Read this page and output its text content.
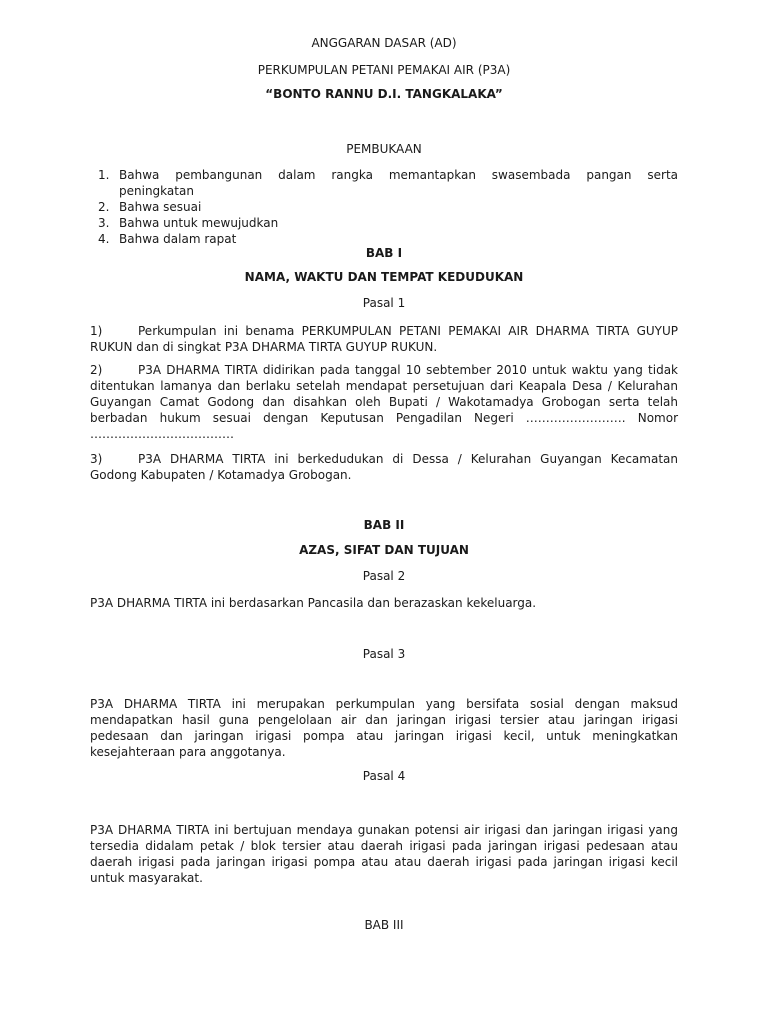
ANGGARAN DASAR (AD)
PERKUMPULAN PETANI PEMAKAI AIR (P3A)
“BONTO RANNU D.I. TANGKALAKA”
PEMBUKAAN
1. Bahwa pembangunan dalam rangka memantapkan swasembada pangan serta
peningkatan
2. Bahwa sesuai
3. Bahwa untuk mewujudkan
4. Bahwa dalam rapat
BAB I
NAMA, WAKTU DAN TEMPAT KEDUDUKAN
Pasal 1
1)	Perkumpulan ini benama PERKUMPULAN PETANI PEMAKAI AIR DHARMA TIRTA GUYUP
RUKUN dan di singkat P3A DHARMA TIRTA GUYUP RUKUN.
2)	P3A DHARMA TIRTA didirikan pada tanggal 10 sebtember 2010 untuk waktu yang tidak
ditentukan lamanya dan berlaku setelah mendapat persetujuan dari Keapala Desa / Kelurahan
Guyangan Camat Godong dan disahkan oleh Bupati / Wakotamadya Grobogan serta telah
berbadan hukum sesuai dengan Keputusan Pengadilan Negeri ……………………. Nomor
………………………………
3)	P3A DHARMA TIRTA ini berkedudukan di Dessa / Kelurahan Guyangan Kecamatan
Godong Kabupaten / Kotamadya Grobogan.
BAB II
AZAS, SIFAT DAN TUJUAN
Pasal 2
P3A DHARMA TIRTA ini berdasarkan Pancasila dan berazaskan kekeluarga.
Pasal 3
P3A DHARMA TIRTA ini merupakan perkumpulan yang bersifata sosial dengan maksud
mendapatkan hasil guna pengelolaan air dan jaringan irigasi tersier atau jaringan irigasi
pedesaan dan jaringan irigasi pompa atau jaringan irigasi kecil, untuk meningkatkan
kesejahteraan para anggotanya.
Pasal 4
P3A DHARMA TIRTA ini bertujuan mendaya gunakan potensi air irigasi dan jaringan irigasi yang
tersedia didalam petak / blok tersier atau daerah irigasi pada jaringan irigasi pedesaan atau
daerah irigasi pada jaringan irigasi pompa atau atau daerah irigasi pada jaringan irigasi kecil
untuk masyarakat.
BAB III
